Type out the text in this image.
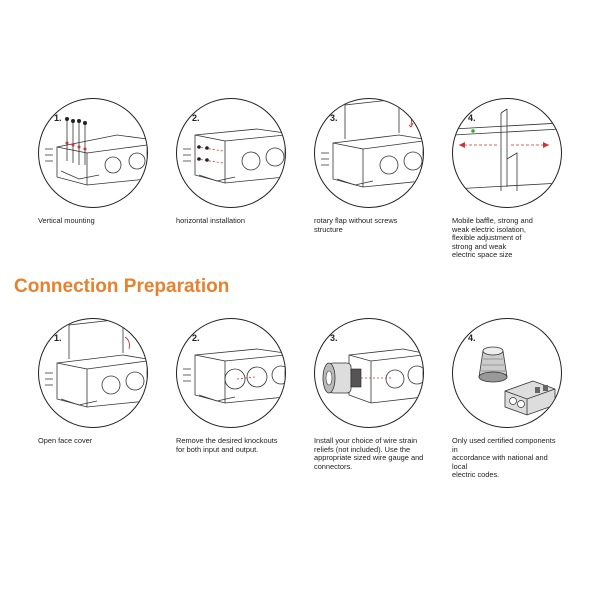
1.
Vertical mounting
2.
horizontal installation
3.
rotary flap without screws structure
4.
Mobile baffle, strong and
weak electric isolation,
flexible adjustment of
strong and weak
electric space size
Connection Preparation
1.
Open face cover
2.
Remove the desired knockouts
for both input and output.
3.
Install your choice of wire strain
reliefs (not included). Use the
appropriate sized wire gauge and
connectors.
4.
Only used certified components in
accordance with national and local
electric codes.
